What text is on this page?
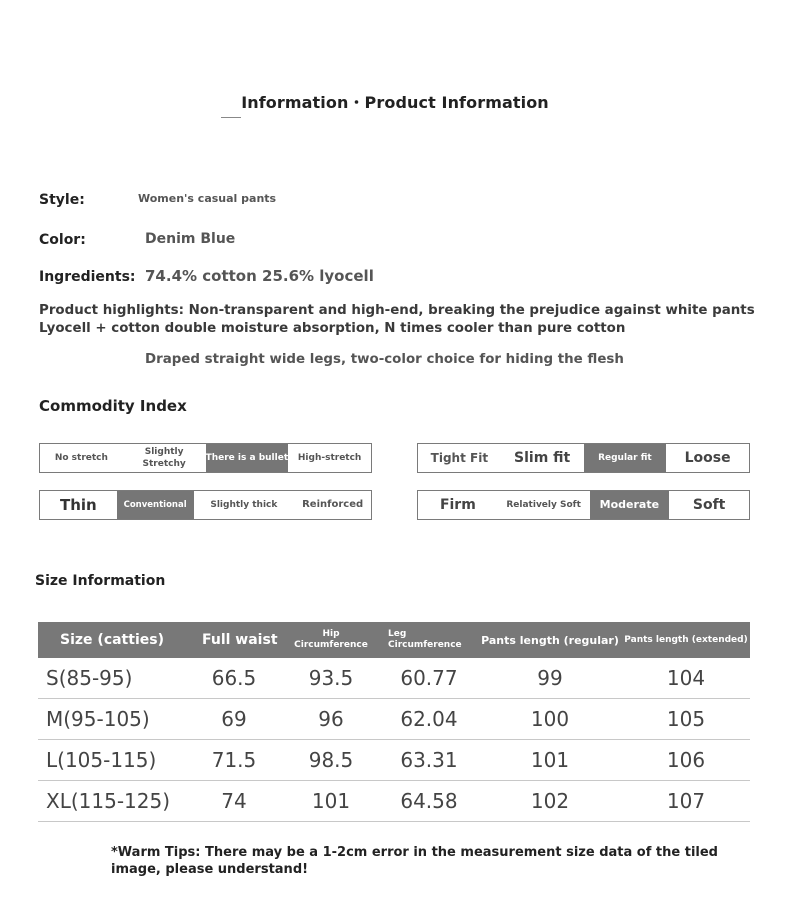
Information・Product Information
Style:	Women's casual pants
Color:	Denim Blue
Ingredients: 74.4% cotton 25.6% lyocell
Product highlights: Non-transparent and high-end, breaking the prejudice against white pants
Lyocell + cotton double moisture absorption, N times cooler than pure cotton
Draped straight wide legs, two-color choice for hiding the flesh
Commodity Index
No stretch
Slightly Stretchy
There is a bullet	High-stretch	Tight Fit	Slim fit	Regular fit	Loose
Thin	Conventional	Slightly thick	Reinforced	Firm	Relatively Soft	Moderate	Soft
Size Information
Size (catties)	Full waist	Hip Circumference	Leg Circumference	Pants length (regular)	Pants length (extended)
S(85-95)	66.5	93.5	60.77	99	104
M(95-105)	69	96	62.04	100	105
L(105-115)	71.5	98.5	63.31	101	106
XL(115-125)	74	101	64.58	102	107
*Warm Tips: There may be a 1-2cm error in the measurement size data of the tiled image, please understand!
